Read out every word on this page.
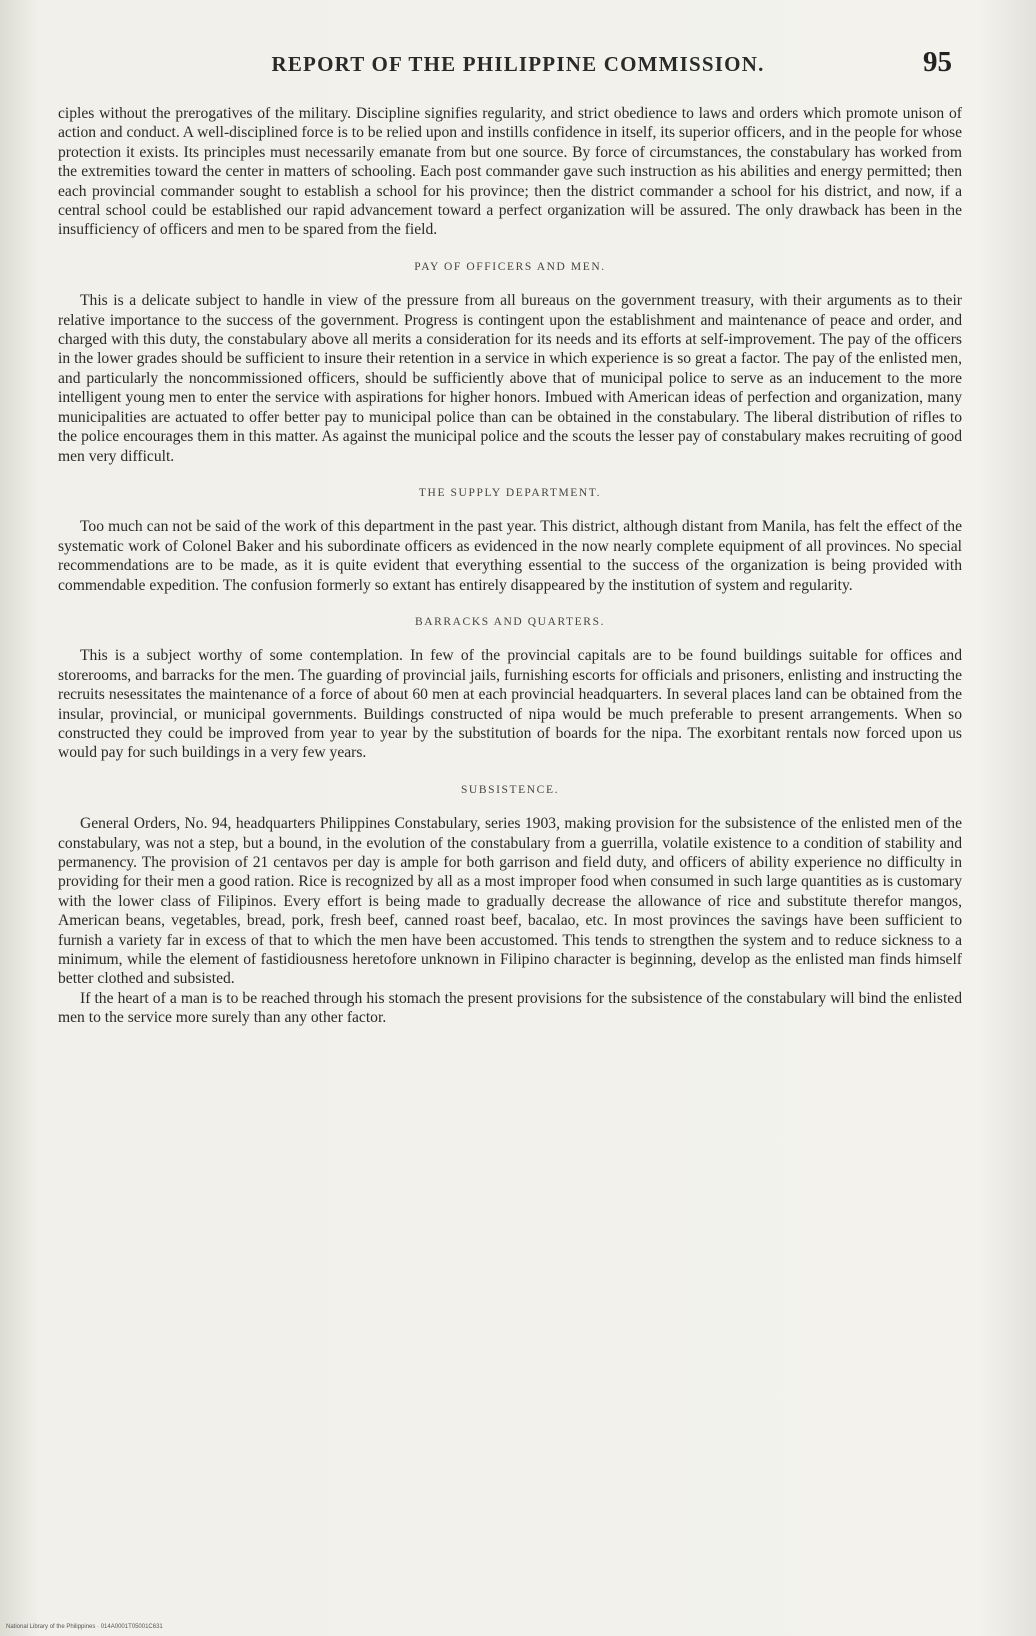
REPORT OF THE PHILIPPINE COMMISSION.	95

ciples without the prerogatives of the military. Discipline signifies regularity, and strict obedience to laws and orders which promote unison of action and conduct. A well-disciplined force is to be relied upon and instills confidence in itself, its superior officers, and in the people for whose protection it exists. Its principles must necessarily emanate from but one source. By force of circumstances, the constabulary has worked from the extremities toward the center in matters of schooling. Each post commander gave such instruction as his abilities and energy permitted; then each provincial commander sought to establish a school for his province; then the district commander a school for his district, and now, if a central school could be established our rapid advancement toward a perfect organization will be assured. The only drawback has been in the insufficiency of officers and men to be spared from the field.

PAY OF OFFICERS AND MEN.

This is a delicate subject to handle in view of the pressure from all bureaus on the government treasury, with their arguments as to their relative importance to the success of the government. Progress is contingent upon the establishment and maintenance of peace and order, and charged with this duty, the constabulary above all merits a consideration for its needs and its efforts at self-improvement. The pay of the officers in the lower grades should be sufficient to insure their retention in a service in which experience is so great a factor. The pay of the enlisted men, and particularly the noncommissioned officers, should be sufficiently above that of municipal police to serve as an inducement to the more intelligent young men to enter the service with aspirations for higher honors. Imbued with American ideas of perfection and organization, many municipalities are actuated to offer better pay to municipal police than can be obtained in the constabulary. The liberal distribution of rifles to the police encourages them in this matter. As against the municipal police and the scouts the lesser pay of constabulary makes recruiting of good men very difficult.

THE SUPPLY DEPARTMENT.

Too much can not be said of the work of this department in the past year. This district, although distant from Manila, has felt the effect of the systematic work of Colonel Baker and his subordinate officers as evidenced in the now nearly complete equipment of all provinces. No special recommendations are to be made, as it is quite evident that everything essential to the success of the organization is being provided with commendable expedition. The confusion formerly so extant has entirely disappeared by the institution of system and regularity.

BARRACKS AND QUARTERS.

This is a subject worthy of some contemplation. In few of the provincial capitals are to be found buildings suitable for offices and storerooms, and barracks for the men. The guarding of provincial jails, furnishing escorts for officials and prisoners, enlisting and instructing the recruits nesessitates the maintenance of a force of about 60 men at each provincial headquarters. In several places land can be obtained from the insular, provincial, or municipal governments. Buildings constructed of nipa would be much preferable to present arrangements. When so constructed they could be improved from year to year by the substitution of boards for the nipa. The exorbitant rentals now forced upon us would pay for such buildings in a very few years.

SUBSISTENCE.

General Orders, No. 94, headquarters Philippines Constabulary, series 1903, making provision for the subsistence of the enlisted men of the constabulary, was not a step, but a bound, in the evolution of the constabulary from a guerrilla, volatile existence to a condition of stability and permanency. The provision of 21 centavos per day is ample for both garrison and field duty, and officers of ability experience no difficulty in providing for their men a good ration. Rice is recognized by all as a most improper food when consumed in such large quantities as is customary with the lower class of Filipinos. Every effort is being made to gradually decrease the allowance of rice and substitute therefor mangos, American beans, vegetables, bread, pork, fresh beef, canned roast beef, bacalao, etc. In most provinces the savings have been sufficient to furnish a variety far in excess of that to which the men have been accustomed. This tends to strengthen the system and to reduce sickness to a minimum, while the element of fastidiousness heretofore unknown in Filipino character is beginning, develop as the enlisted man finds himself better clothed and subsisted.

If the heart of a man is to be reached through his stomach the present provisions for the subsistence of the constabulary will bind the enlisted men to the service more surely than any other factor.

National Library of the Philippines · 014A0001T05001C631
